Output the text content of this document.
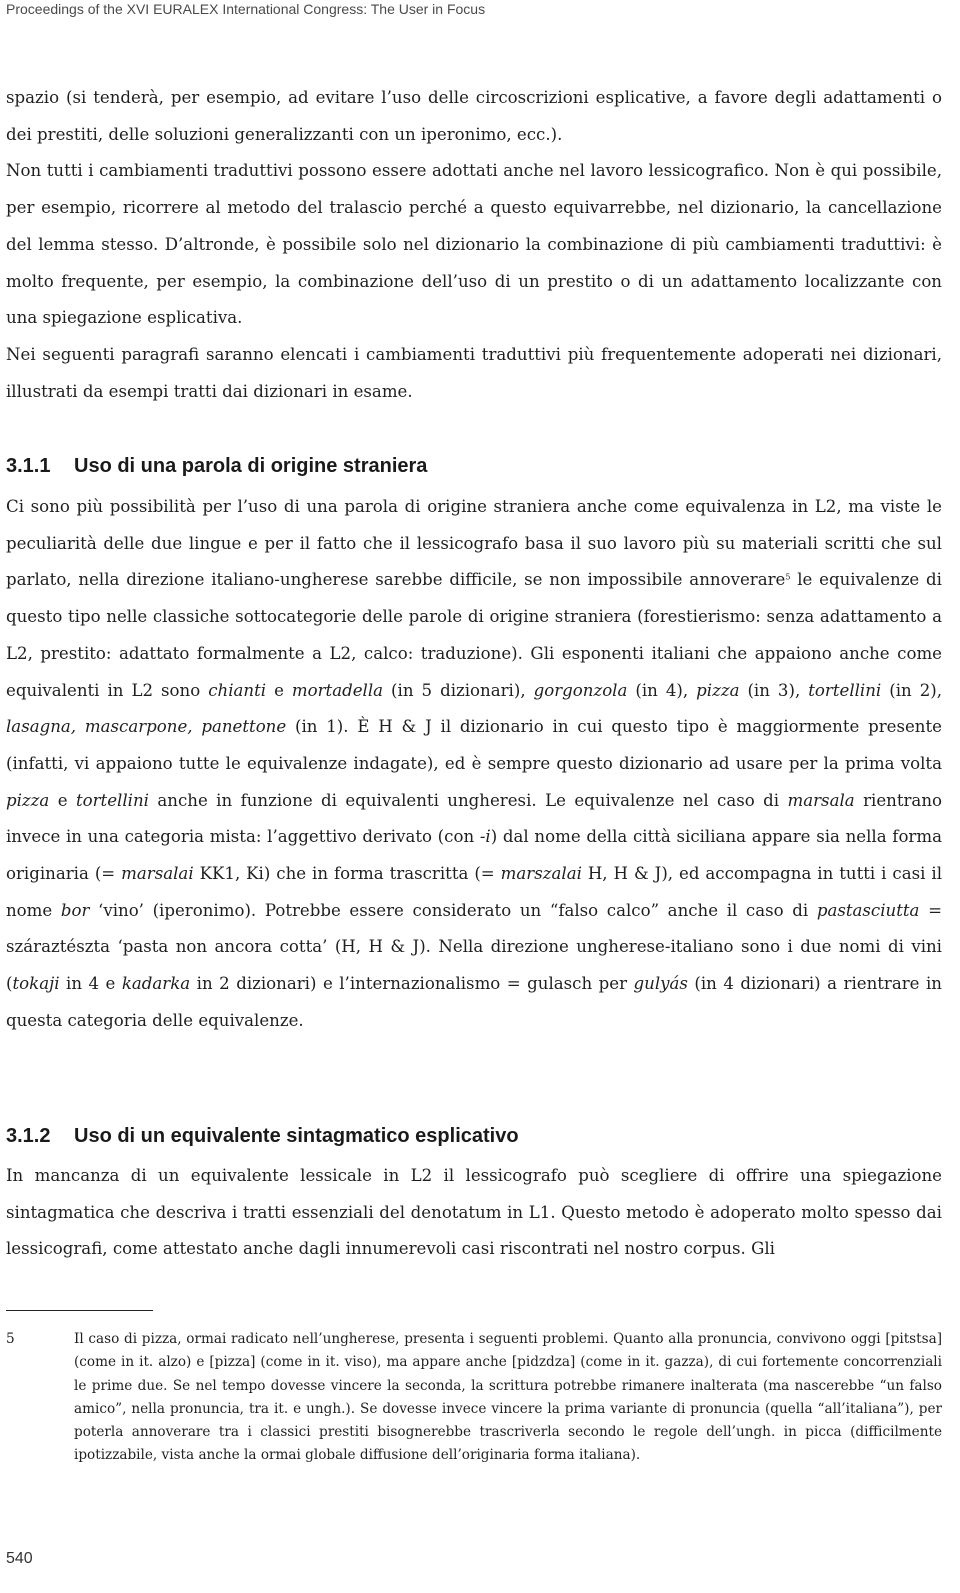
Proceedings of the XVI EURALEX International Congress: The User in Focus

spazio (si tenderà, per esempio, ad evitare l’uso delle circoscrizioni esplicative, a favore degli adattamenti o dei prestiti, delle soluzioni generalizzanti con un iperonimo, ecc.).

Non tutti i cambiamenti traduttivi possono essere adottati anche nel lavoro lessicografico. Non è qui possibile, per esempio, ricorrere al metodo del tralascio perché a questo equivarrebbe, nel dizionario, la cancellazione del lemma stesso. D’altronde, è possibile solo nel dizionario la combinazione di più cambiamenti traduttivi: è molto frequente, per esempio, la combinazione dell’uso di un prestito o di un adattamento localizzante con una spiegazione esplicativa.

Nei seguenti paragrafi saranno elencati i cambiamenti traduttivi più frequentemente adoperati nei dizionari, illustrati da esempi tratti dai dizionari in esame.

3.1.1 Uso di una parola di origine straniera

Ci sono più possibilità per l’uso di una parola di origine straniera anche come equivalenza in L2, ma viste le peculiarità delle due lingue e per il fatto che il lessicografo basa il suo lavoro più su materiali scritti che sul parlato, nella direzione italiano-ungherese sarebbe difficile, se non impossibile annoverare$^5$ le equivalenze di questo tipo nelle classiche sottocategorie delle parole di origine straniera (forestierismo: senza adattamento a L2, prestito: adattato formalmente a L2, calco: traduzione). Gli esponenti italiani che appaiono anche come equivalenti in L2 sono chianti e mortadella (in 5 dizionari), gorgonzola (in 4), pizza (in 3), tortellini (in 2), lasagna, mascarpone, panettone (in 1). È H & J il dizionario in cui questo tipo è maggiormente presente (infatti, vi appaiono tutte le equivalenze indagate), ed è sempre questo dizionario ad usare per la prima volta pizza e tortellini anche in funzione di equivalenti ungheresi. Le equivalenze nel caso di marsala rientrano invece in una categoria mista: l’aggettivo derivato (con -i) dal nome della città siciliana appare sia nella forma originaria (= marsalai KK1, Ki) che in forma trascritta (= marszalai H, H & J), ed accompagna in tutti i casi il nome bor ‘vino’ (iperonimo). Potrebbe essere considerato un “falso calco” anche il caso di pastasciutta = száraztészta ‘pasta non ancora cotta’ (H, H & J). Nella direzione ungherese-italiano sono i due nomi di vini (tokaji in 4 e kadarka in 2 dizionari) e l’internazionalismo = gulasch per gulyás (in 4 dizionari) a rientrare in questa categoria delle equivalenze.

3.1.2 Uso di un equivalente sintagmatico esplicativo

In mancanza di un equivalente lessicale in L2 il lessicografo può scegliere di offrire una spiegazione sintagmatica che descriva i tratti essenziali del denotatum in L1. Questo metodo è adoperato molto spesso dai lessicografi, come attestato anche dagli innumerevoli casi riscontrati nel nostro corpus. Gli

5	Il caso di pizza, ormai radicato nell’ungherese, presenta i seguenti problemi. Quanto alla pronuncia, convivono oggi [pitstsa] (come in it. alzo) e [pizza] (come in it. viso), ma appare anche [pidzdza] (come in it. gazza), di cui fortemente concorrenziali le prime due. Se nel tempo dovesse vincere la seconda, la scrittura potrebbe rimanere inalterata (ma nascerebbe “un falso amico”, nella pronuncia, tra it. e ungh.). Se dovesse invece vincere la prima variante di pronuncia (quella “all’italiana”), per poterla annoverare tra i classici prestiti bisognerebbe trascriverla secondo le regole dell’ungh. in picca (difficilmente ipotizzabile, vista anche la ormai globale diffusione dell’originaria forma italiana).
540
